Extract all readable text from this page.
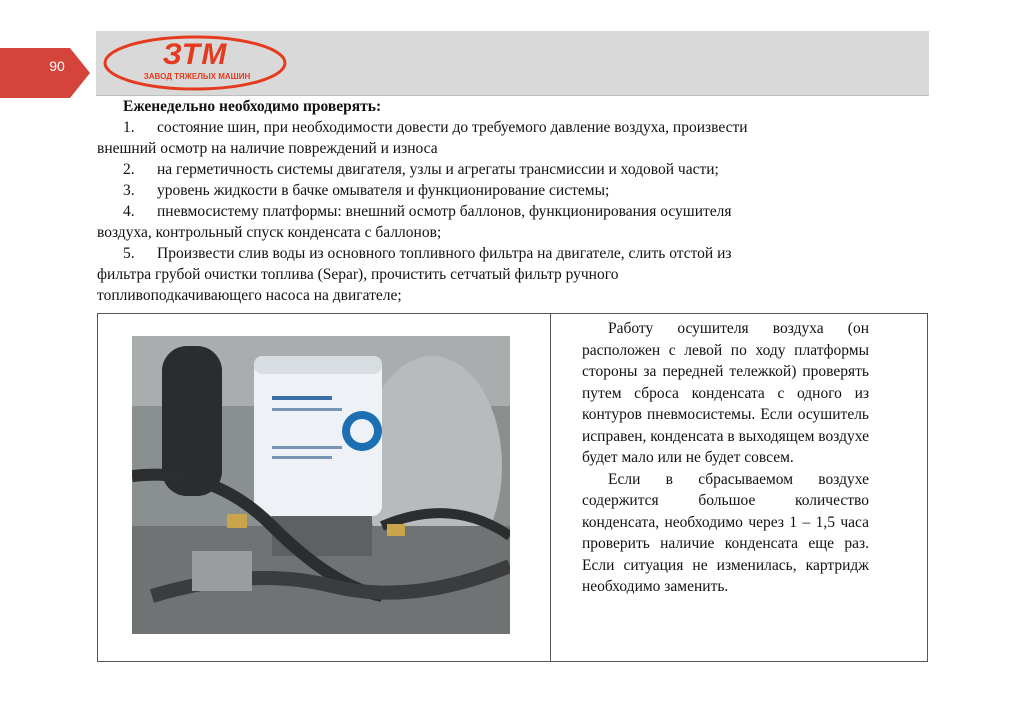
90	ЗТМ
ЗАВОД ТЯЖЕЛЫХ МАШИН
Еженедельно необходимо проверять:
1. состояние шин, при необходимости довести до требуемого давление воздуха, произвести
внешний осмотр на наличие повреждений и износа
2. на герметичность системы двигателя, узлы и агрегаты трансмиссии и ходовой части;
3. уровень жидкости в бачке омывателя и функционирование системы;
4. пневмосистему платформы: внешний осмотр баллонов, функционирования осушителя
воздуха, контрольный спуск конденсата с баллонов;
5. Произвести слив воды из основного топливного фильтра на двигателе, слить отстой из
фильтра грубой очистки топлива (Separ), прочистить сетчатый фильтр ручного
топливоподкачивающего насоса на двигателе;

Работу осушителя воздуха (он расположен с левой по ходу платформы стороны за передней тележкой) проверять путем сброса конденсата с одного из контуров пневмосистемы. Если осушитель исправен, конденсата в выходящем воздухе будет мало или не будет совсем.

Если в сбрасываемом воздухе содержится большое количество конденсата, необходимо через 1 – 1,5 часа проверить наличие конденсата еще раз. Если ситуация не изменилась, картридж необходимо заменить.
